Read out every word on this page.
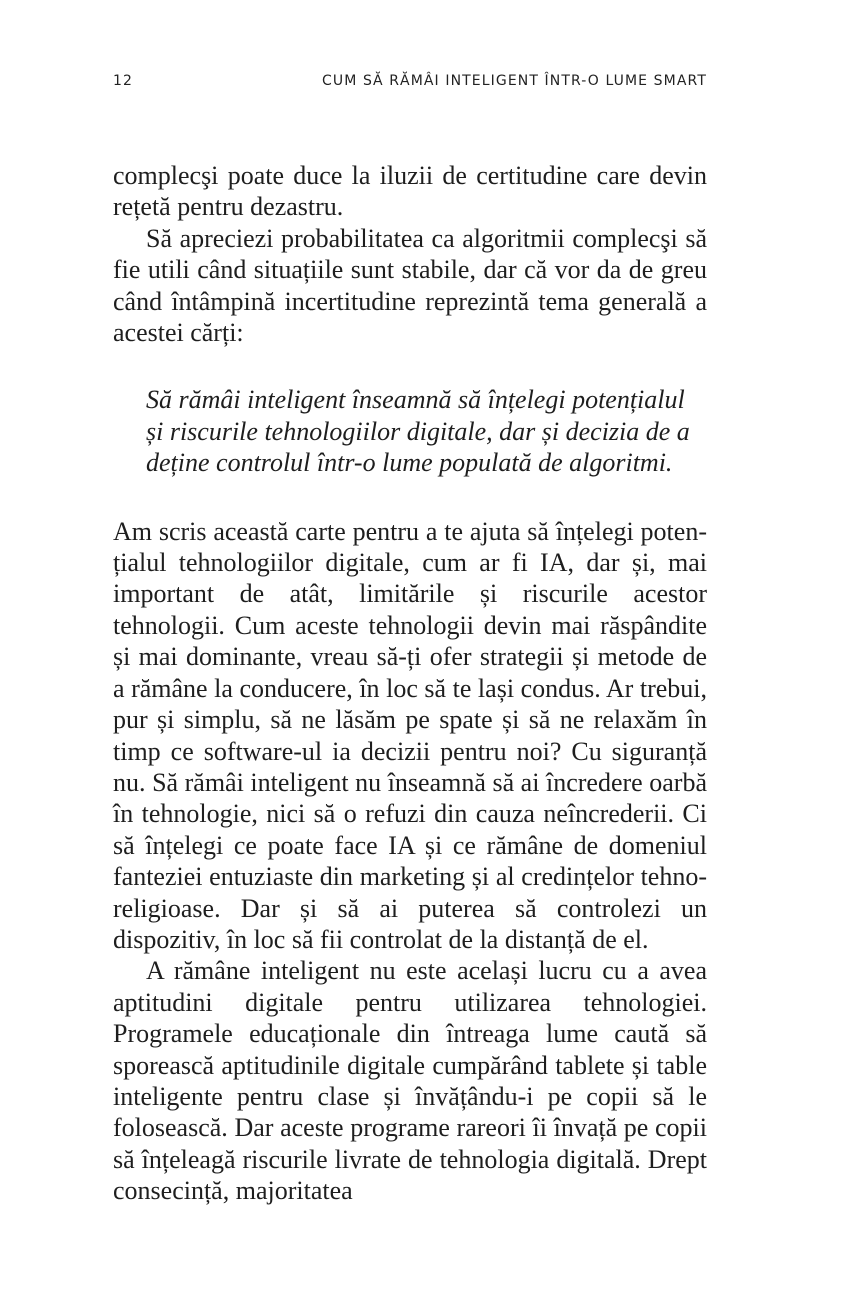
12	CUM SĂ RĂMÂI INTELIGENT ÎNTR-O LUME SMART

complecşi poate duce la iluzii de certitudine care devin rețetă pentru dezastru.

Să apreciezi probabilitatea ca algoritmii complecşi să fie utili când situațiile sunt stabile, dar că vor da de greu când întâmpină incertitudine reprezintă tema generală a acestei cărți:

Să rămâi inteligent înseamnă să înțelegi potențialul și riscurile tehnologiilor digitale, dar și decizia de a deține controlul într-o lume populată de algoritmi.

Am scris această carte pentru a te ajuta să înțelegi potențialul tehnologiilor digitale, cum ar fi IA, dar și, mai important de atât, limitările și riscurile acestor tehnologii. Cum aceste tehnologii devin mai răspândite și mai dominante, vreau să-ți ofer strategii și metode de a rămâne la conducere, în loc să te lași condus. Ar trebui, pur și simplu, să ne lăsăm pe spate și să ne relaxăm în timp ce software-ul ia decizii pentru noi? Cu siguranță nu. Să rămâi inteligent nu înseamnă să ai încredere oarbă în tehnologie, nici să o refuzi din cauza neîncrederii. Ci să înțelegi ce poate face IA și ce rămâne de domeniul fanteziei entuziaste din marketing și al credințelor tehno-religioase. Dar și să ai puterea să controlezi un dispozitiv, în loc să fii controlat de la distanță de el.

A rămâne inteligent nu este același lucru cu a avea aptitudini digitale pentru utilizarea tehnologiei. Programele educaționale din întreaga lume caută să sporească aptitudinile digitale cumpărând tablete și table inteligente pentru clase și învățându-i pe copii să le folosească. Dar aceste programe rareori îi învață pe copii să înțeleagă riscurile livrate de tehnologia digitală. Drept consecință, majoritatea
